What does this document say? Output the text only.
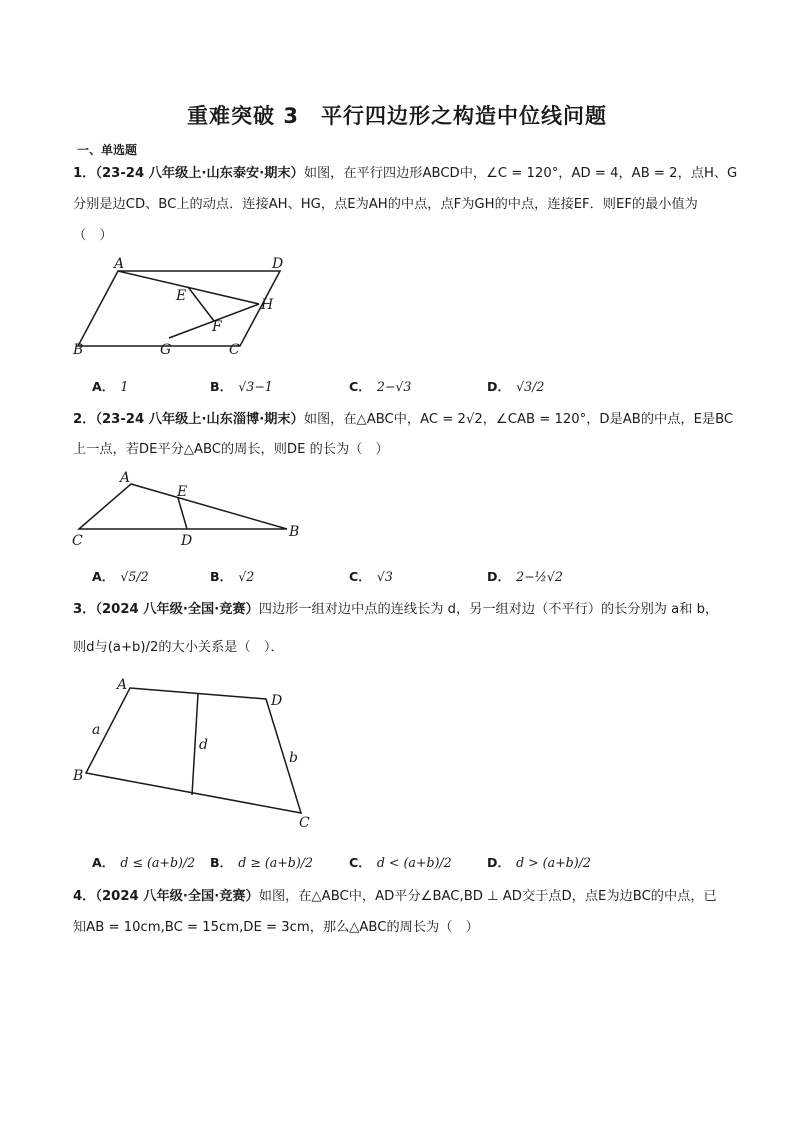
重难突破 3　平行四边形之构造中位线问题
一、单选题
1．（23-24 八年级上·山东泰安·期末）如图，在平行四边形ABCD中，∠C = 120°，AD = 4，AB = 2，点H、G
分别是边CD、BC上的动点．连接AH、HG，点E为AH的中点，点F为GH的中点，连接EF．则EF的最小值为
（　）
A	D
E
H
F
B	G	C
A． 1	B． √3−1	C． 2−√3	D． √3/2
2．（23-24 八年级上·山东淄博·期末）如图，在△ABC中，AC = 2√2，∠CAB = 120°，D是AB的中点，E是BC
上一点，若DE平分△ABC的周长，则DE 的长为（　）
A
E
C	D
B
A． √5/2	B． √2	C． √3	D． 2−½√2
3．（2024 八年级·全国·竞赛）四边形一组对边中点的连线长为 d，另一组对边（不平行）的长分别为 a和 b，
则d与(a+b)/2的大小关系是（　）．
A
D
a
d
b
B
C
A． d ≤ (a+b)/2 B． d ≥ (a+b)/2	C． d < (a+b)/2	D． d > (a+b)/2
4．（2024 八年级·全国·竞赛）如图，在△ABC中，AD平分∠BAC,BD ⊥ AD交于点D，点E为边BC的中点，已
知AB = 10cm,BC = 15cm,DE = 3cm，那么△ABC的周长为（　）
